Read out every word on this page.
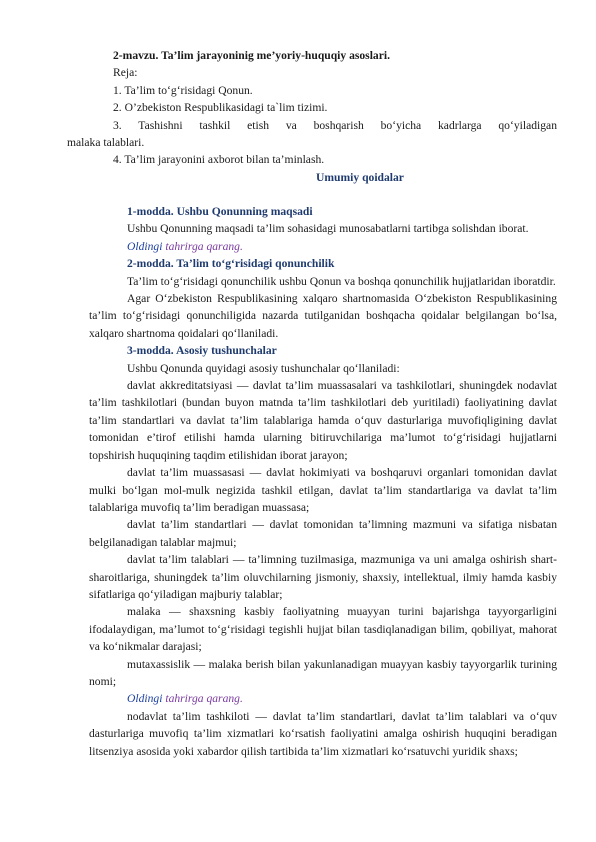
2-mavzu. Ta’lim jarayoninig me’yoriy-huquqiy asoslari.

Reja:

1. Ta’lim to‘g‘risidagi Qonun.

2. O’zbekiston Respublikasidagi ta`lim tizimi.

3. Tashishni tashkil etish va boshqarish bo‘yicha kadrlarga qo‘yiladigan

malaka talablari.

4. Ta’lim jarayonini axborot bilan ta’minlash.

Umumiy qoidalar

1-modda. Ushbu Qonunning maqsadi

Ushbu Qonunning maqsadi ta’lim sohasidagi munosabatlarni tartibga solishdan iborat.

Oldingi tahrirga qarang.

2-modda. Ta’lim to‘g‘risidagi qonunchilik

Ta’lim to‘g‘risidagi qonunchilik ushbu Qonun va boshqa qonunchilik hujjatlaridan iboratdir.

Agar O‘zbekiston Respublikasining xalqaro shartnomasida O‘zbekiston Respublikasining ta’lim to‘g‘risidagi qonunchiligida nazarda tutilganidan boshqacha qoidalar belgilangan bo‘lsa, xalqaro shartnoma qoidalari qo‘llaniladi.

3-modda. Asosiy tushunchalar

Ushbu Qonunda quyidagi asosiy tushunchalar qo‘llaniladi:

davlat akkreditatsiyasi — davlat ta’lim muassasalari va tashkilotlari, shuningdek nodavlat ta’lim tashkilotlari (bundan buyon matnda ta’lim tashkilotlari deb yuritiladi) faoliyatining davlat ta’lim standartlari va davlat ta’lim talablariga hamda o‘quv dasturlariga muvofiqligining davlat tomonidan e’tirof etilishi hamda ularning bitiruvchilariga ma’lumot to‘g‘risidagi hujjatlarni topshirish huquqining taqdim etilishidan iborat jarayon;

davlat ta’lim muassasasi — davlat hokimiyati va boshqaruvi organlari tomonidan davlat mulki bo‘lgan mol-mulk negizida tashkil etilgan, davlat ta’lim standartlariga va davlat ta’lim talablariga muvofiq ta’lim beradigan muassasa;

davlat ta’lim standartlari — davlat tomonidan ta’limning mazmuni va sifatiga nisbatan belgilanadigan talablar majmui;

davlat ta’lim talablari — ta’limning tuzilmasiga, mazmuniga va uni amalga oshirish shart-sharoitlariga, shuningdek ta’lim oluvchilarning jismoniy, shaxsiy, intellektual, ilmiy hamda kasbiy sifatlariga qo‘yiladigan majburiy talablar;

malaka — shaxsning kasbiy faoliyatning muayyan turini bajarishga tayyorgarligini ifodalaydigan, ma’lumot to‘g‘risidagi tegishli hujjat bilan tasdiqlanadigan bilim, qobiliyat, mahorat va ko‘nikmalar darajasi;

mutaxassislik — malaka berish bilan yakunlanadigan muayyan kasbiy tayyorgarlik turining nomi;

Oldingi tahrirga qarang.

nodavlat ta’lim tashkiloti — davlat ta’lim standartlari, davlat ta’lim talablari va o‘quv dasturlariga muvofiq ta’lim xizmatlari ko‘rsatish faoliyatini amalga oshirish huquqini beradigan litsenziya asosida yoki xabardor qilish tartibida ta’lim xizmatlari ko‘rsatuvchi yuridik shaxs;
